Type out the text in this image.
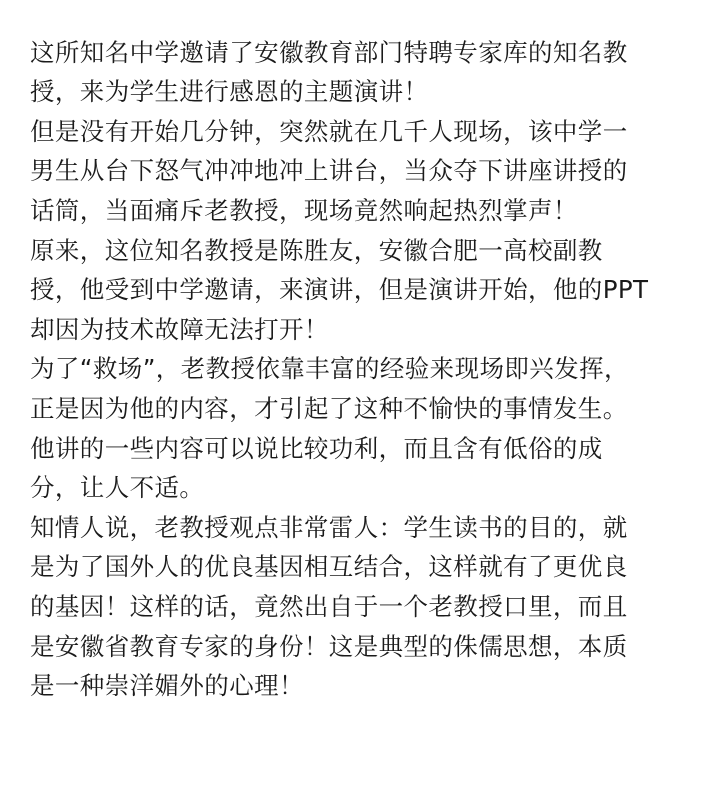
这所知名中学邀请了安徽教育部门特聘专家库的知名教
授，来为学生进行感恩的主题演讲！
但是没有开始几分钟，突然就在几千人现场，该中学一
男生从台下怒气冲冲地冲上讲台，当众夺下讲座讲授的
话筒，当面痛斥老教授，现场竟然响起热烈掌声！
原来，这位知名教授是陈胜友，安徽合肥一高校副教
授，他受到中学邀请，来演讲，但是演讲开始，他的PPT
却因为技术故障无法打开！
为了“救场”，老教授依靠丰富的经验来现场即兴发挥，
正是因为他的内容，才引起了这种不愉快的事情发生。
他讲的一些内容可以说比较功利，而且含有低俗的成
分，让人不适。
知情人说，老教授观点非常雷人：学生读书的目的，就
是为了国外人的优良基因相互结合，这样就有了更优良
的基因！这样的话，竟然出自于一个老教授口里，而且
是安徽省教育专家的身份！这是典型的侏儒思想，本质
是一种崇洋媚外的心理！
